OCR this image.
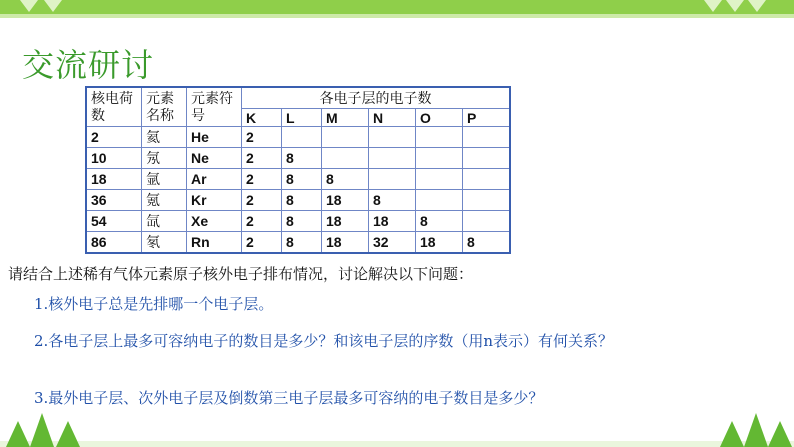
交流研讨
核电荷数	元素名称	元素符号	各电子层的电子数					
			K	L	M	N	O	P
2	氦	He	2					
10	氖	Ne	2	8				
18	氩	Ar	2	8	8			
36	氪	Kr	2	8	18	8		
54	氙	Xe	2	8	18	18	8	
86	氡	Rn	2	8	18	32	18	8
请结合上述稀有气体元素原子核外电子排布情况，讨论解决以下问题：
1.核外电子总是先排哪一个电子层。
2.各电子层上最多可容纳电子的数目是多少？和该电子层的序数（用n表示）有何关系？
3.最外电子层、次外电子层及倒数第三电子层最多可容纳的电子数目是多少？
